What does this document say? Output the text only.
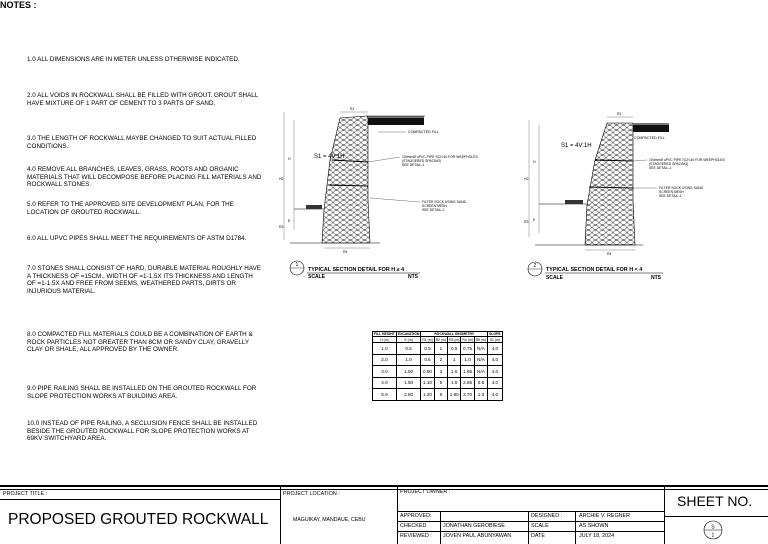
NOTES :
1.0 ALL DIMENSIONS ARE IN METER UNLESS OTHERWISE INDICATED.
2.0 ALL VOIDS IN ROCKWALL SHALL BE FILLED WITH GROUT. GROUT SHALL HAVE MIXTURE OF 1 PART OF CEMENT TO 3 PARTS OF SAND.
3.0 THE LENGTH OF ROCKWALL MAYBE CHANGED TO SUIT ACTUAL FILLED CONDITIONS.
4.0 REMOVE ALL BRANCHES, LEAVES, GRASS, ROOTS AND ORGANIC MATERIALS THAT WILL DECOMPOSE BEFORE PLACING FILL MATERIALS AND ROCKWALL STONES.
5.0 REFER TO THE APPROVED SITE DEVELOPMENT PLAN, FOR THE LOCATION OF GROUTED ROCKWALL.
6.0 ALL UPVC PIPES SHALL MEET THE REQUIREMENTS OF ASTM D1784.
7.0 STONES SHALL CONSIST OF HARD, DURABLE MATERIAL ROUGHLY HAVE A THICKNESS OF =15CM., WIDTH OF =1-1.5X ITS THICKNESS AND LENGTH OF =1-1.5X AND FREE FROM SEEMS, WEATHERED PARTS, DIRTS OR INJURIOUS MATERIAL.
8.0 COMPACTED FILL MATERIALS COULD BE A COMBINATION OF EARTH & ROCK PARTICLES NOT GREATER THAN 8CM OR SANDY CLAY, GRAVELLY CLAY OR SHALE, ALL APPROVED BY THE OWNER.
9.0 PIPE RAILING SHALL BE INSTALLED ON THE GROUTED ROCKWALL FOR SLOPE PROTECTION WORKS AT BUILDING AREA.
10.0 INSTEAD OF PIPE RAILING, A SECLUSION FENCE SHALL BE INSTALLED BESIDE THE GROUTED ROCKWALL FOR SLOPE PROTECTION WORKS AT 69KV SWITCHYARD AREA.
H2
H
R3
E
R4
R1
S1 = 4V:1H
COMPACTED FILL
100mmØ uPVC PIPE SCH.40 FOR WEEPHOLES
(STAGGERED SPACING)
SEE DETAIL-1
FILTER SOCK USING SAND
SCREEN MESH
SEE DETAIL-1
1
TYPICAL SECTION DETAIL FOR H ≥ 4
SCALE	NTS
H2
H
R3 E
R4
R1
S1 = 4V:1H
COMPACTED FILL
100mmØ uPVC PIPE SCH.40 FOR WEEPHOLES
(STAGGERED SPACING)
SEE DETAIL-1
FILTER SOCK USING SAND
SCREEN MESH
SEE DETAIL-1
2
TYPICAL SECTION DETAIL FOR H < 4
SCALE	NTS
FILL HEIGHT	EXCAVATION	ROCKWALL GEOMETRY					SLOPE
H (m)	E (m)	R1 (m)	R2 (m)	R3 (m)	R4 (m)	R5 (m)	S1 (m)
1.0	0.5	0.5	1	0.5	0.75	N/A	4.0
2.0	1.0	0.5	2	1	1.0	N/A	4.0
3.0	1.50	0.90	3	1.5	1.65	N/A	4.0
4.0	1.50	1.10	5	1.5	2.85	0.5	4.0
5.0	2.80	1.20	6	1.80	3.70	1.0	4.0
PROJECT TITLE :
PROPOSED GROUTED ROCKWALL
PROJECT LOCATION :
MAGUIKAY, MANDAUE, CEBU
PROJECT OWNER :
APPROVED:
CHECKED	JONATHAN GEROBIESE
REVIEWED : JOVEN PAUL ABUNYAWAN
DESIGNED :	ARCHIE V. REGNER
SCALE	AS SHOWN
DATE	JULY 18, 2024
SHEET NO.
S
1
